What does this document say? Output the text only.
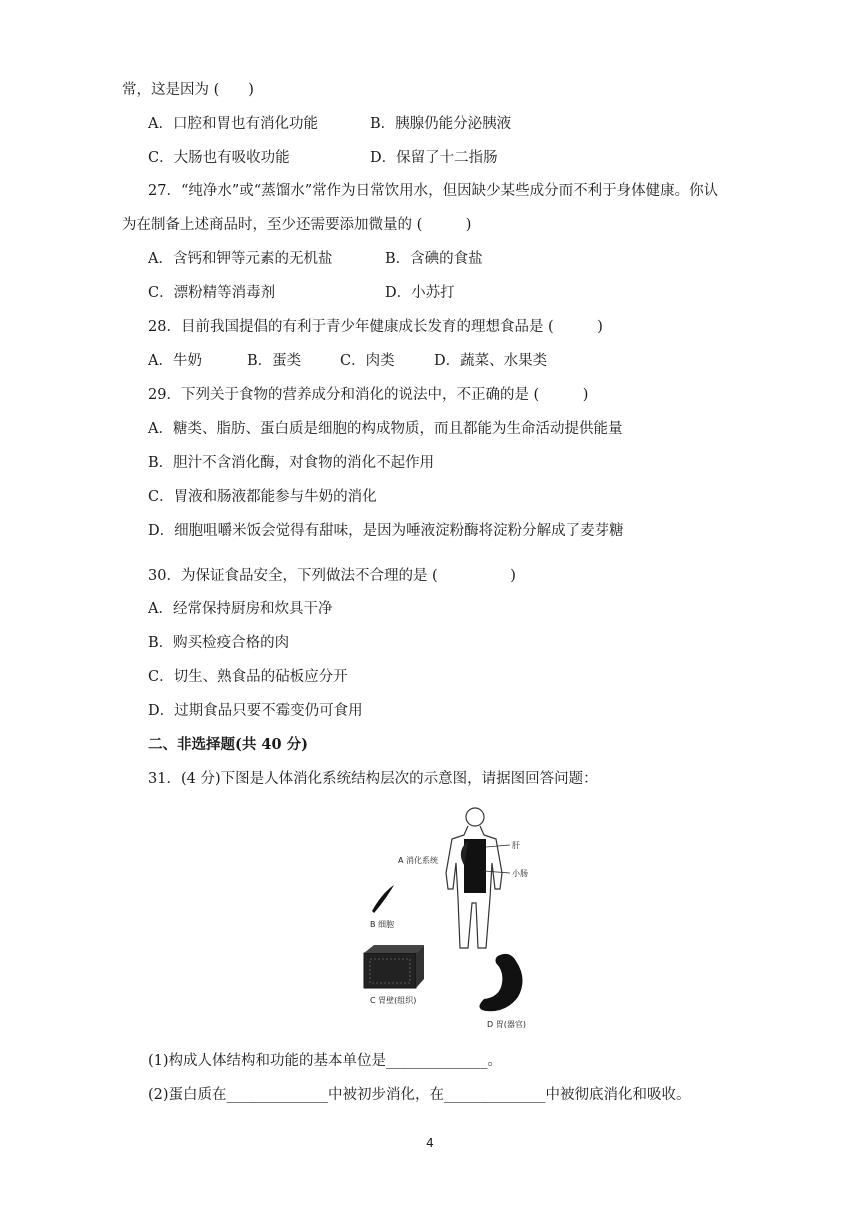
常，这是因为 (　　)
A．口腔和胃也有消化功能	B．胰腺仍能分泌胰液
C．大肠也有吸收功能	D．保留了十二指肠
27．“纯净水”或“蒸馏水”常作为日常饮用水，但因缺少某些成分而不利于身体健康。你认
为在制备上述商品时，至少还需要添加微量的 (　　　)
A．含钙和钾等元素的无机盐	B．含碘的食盐
C．漂粉精等消毒剂	D．小苏打
28．目前我国提倡的有利于青少年健康成长发育的理想食品是 (　　　)
A．牛奶	B．蛋类	C．肉类	D．蔬菜、水果类
29．下列关于食物的营养成分和消化的说法中，不正确的是 (　　　)
A．糖类、脂肪、蛋白质是细胞的构成物质，而且都能为生命活动提供能量
B．胆汁不含消化酶，对食物的消化不起作用
C．胃液和肠液都能参与牛奶的消化
D．细胞咀嚼米饭会觉得有甜味，是因为唾液淀粉酶将淀粉分解成了麦芽糖
30．为保证食品安全，下列做法不合理的是 (　　　　　)
A．经常保持厨房和炊具干净
B．购买检疫合格的肉
C．切生、熟食品的砧板应分开
D．过期食品只要不霉变仍可食用
二、非选择题(共 40 分)
31．(4 分)下图是人体消化系统结构层次的示意图，请据图回答问题：
肝
小肠
A 消化系统
B 细胞
C 胃壁(组织)
D 胃(器官)
(1)构成人体结构和功能的基本单位是______________。
(2)蛋白质在______________中被初步消化，在______________中被彻底消化和吸收。
4
